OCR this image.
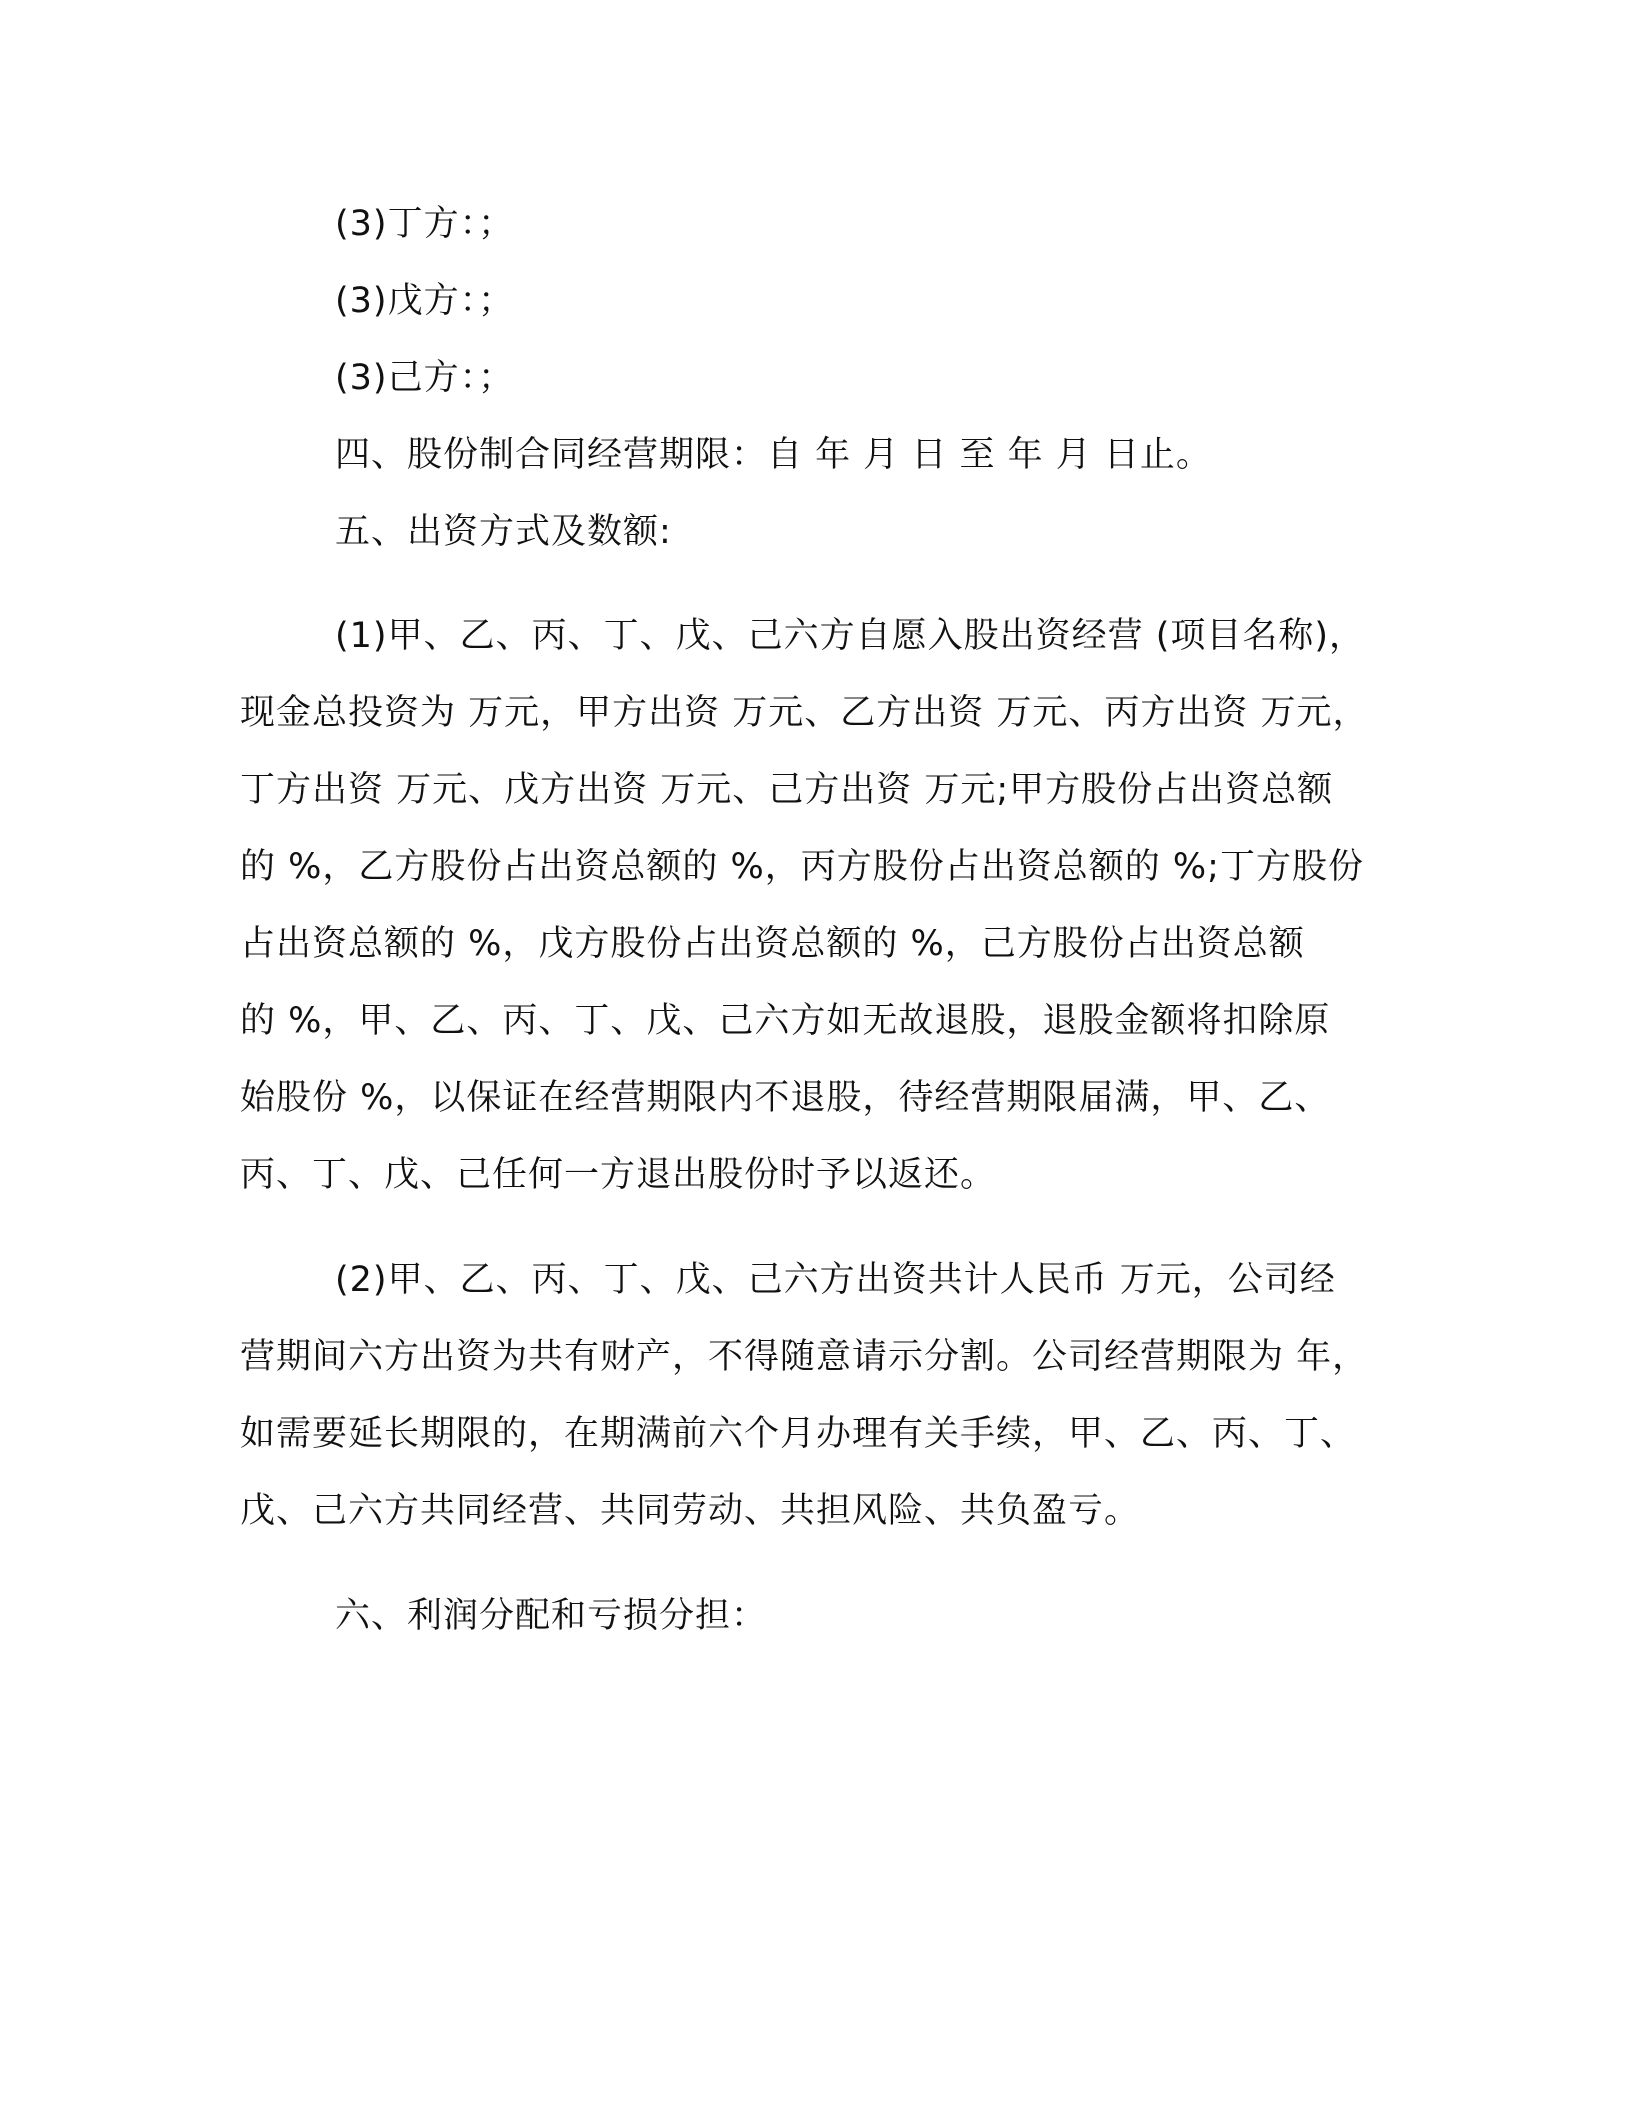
(3)丁方：；
(3)戊方：；
(3)己方：；
四、股份制合同经营期限：自 年 月 日 至 年 月 日止。
五、出资方式及数额:
(1)甲、乙、丙、丁、戊、己六方自愿入股出资经营 (项目名称)，
现金总投资为 万元，甲方出资 万元、乙方出资 万元、丙方出资 万元，
丁方出资 万元、戊方出资 万元、己方出资 万元;甲方股份占出资总额
的 %，乙方股份占出资总额的 %，丙方股份占出资总额的 %;丁方股份
占出资总额的 %，戊方股份占出资总额的 %，己方股份占出资总额
的 %，甲、乙、丙、丁、戊、己六方如无故退股，退股金额将扣除原
始股份 %，以保证在经营期限内不退股，待经营期限届满，甲、乙、
丙、丁、戊、己任何一方退出股份时予以返还。
(2)甲、乙、丙、丁、戊、己六方出资共计人民币 万元，公司经
营期间六方出资为共有财产，不得随意请示分割。公司经营期限为 年，
如需要延长期限的，在期满前六个月办理有关手续，甲、乙、丙、丁、
戊、己六方共同经营、共同劳动、共担风险、共负盈亏。
六、利润分配和亏损分担：
